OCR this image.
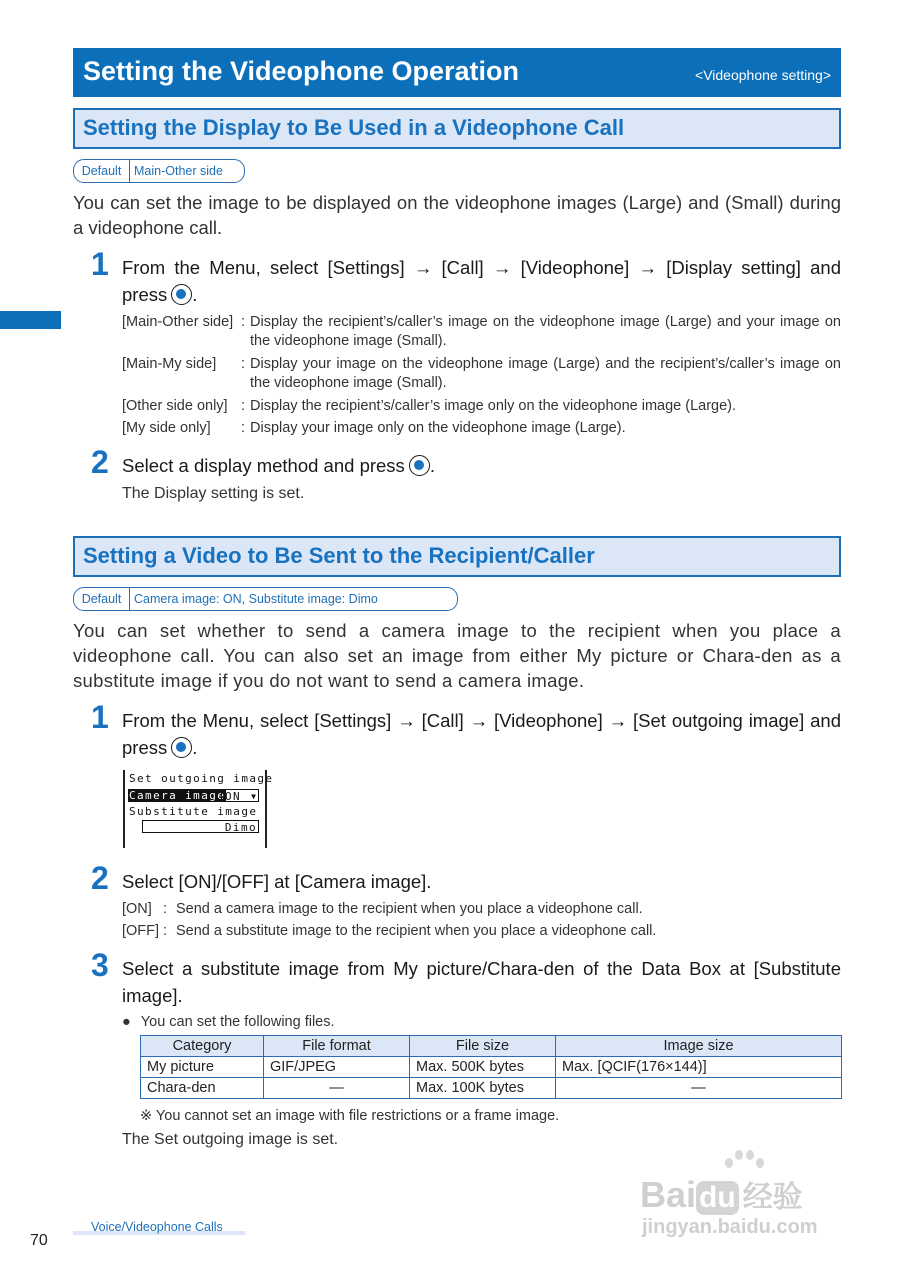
Setting the Videophone Operation	<Videophone setting>
Setting the Display to Be Used in a Videophone Call
Default	Main-Other side
You can set the image to be displayed on the videophone images (Large) and (Small) during a videophone call.
1 From the Menu, select [Settings] → [Call] → [Videophone] → [Display setting] and press .
[Main-Other side] : Display the recipient’s/caller’s image on the videophone image (Large) and your image on the videophone image (Small).
[Main-My side] : Display your image on the videophone image (Large) and the recipient’s/caller’s image on the videophone image (Small).
[Other side only] : Display the recipient’s/caller’s image only on the videophone image (Large).
[My side only] : Display your image only on the videophone image (Large).
2 Select a display method and press .
The Display setting is set.
Setting a Video to Be Sent to the Recipient/Caller
Default	Camera image: ON, Substitute image: Dimo
You can set whether to send a camera image to the recipient when you place a videophone call. You can also set an image from either My picture or Chara-den as a substitute image if you do not want to send a camera image.
1 From the Menu, select [Settings] → [Call] → [Videophone] → [Set outgoing image] and press .
Set outgoing image
Camera image ON ▼
Substitute image
Dimo
2 Select [ON]/[OFF] at [Camera image].
[ON] : Send a camera image to the recipient when you place a videophone call.
[OFF] : Send a substitute image to the recipient when you place a videophone call.
3 Select a substitute image from My picture/Chara-den of the Data Box at [Substitute image].
● You can set the following files.
Category	File format	File size	Image size
My picture	GIF/JPEG	Max. 500K bytes	Max. [QCIF(176×144)]
Chara-den	—	Max. 100K bytes	—
※ You cannot set an image with file restrictions or a frame image.
The Set outgoing image is set.
Voice/Videophone Calls
70
Bai du 经验
jingyan.baidu.com
